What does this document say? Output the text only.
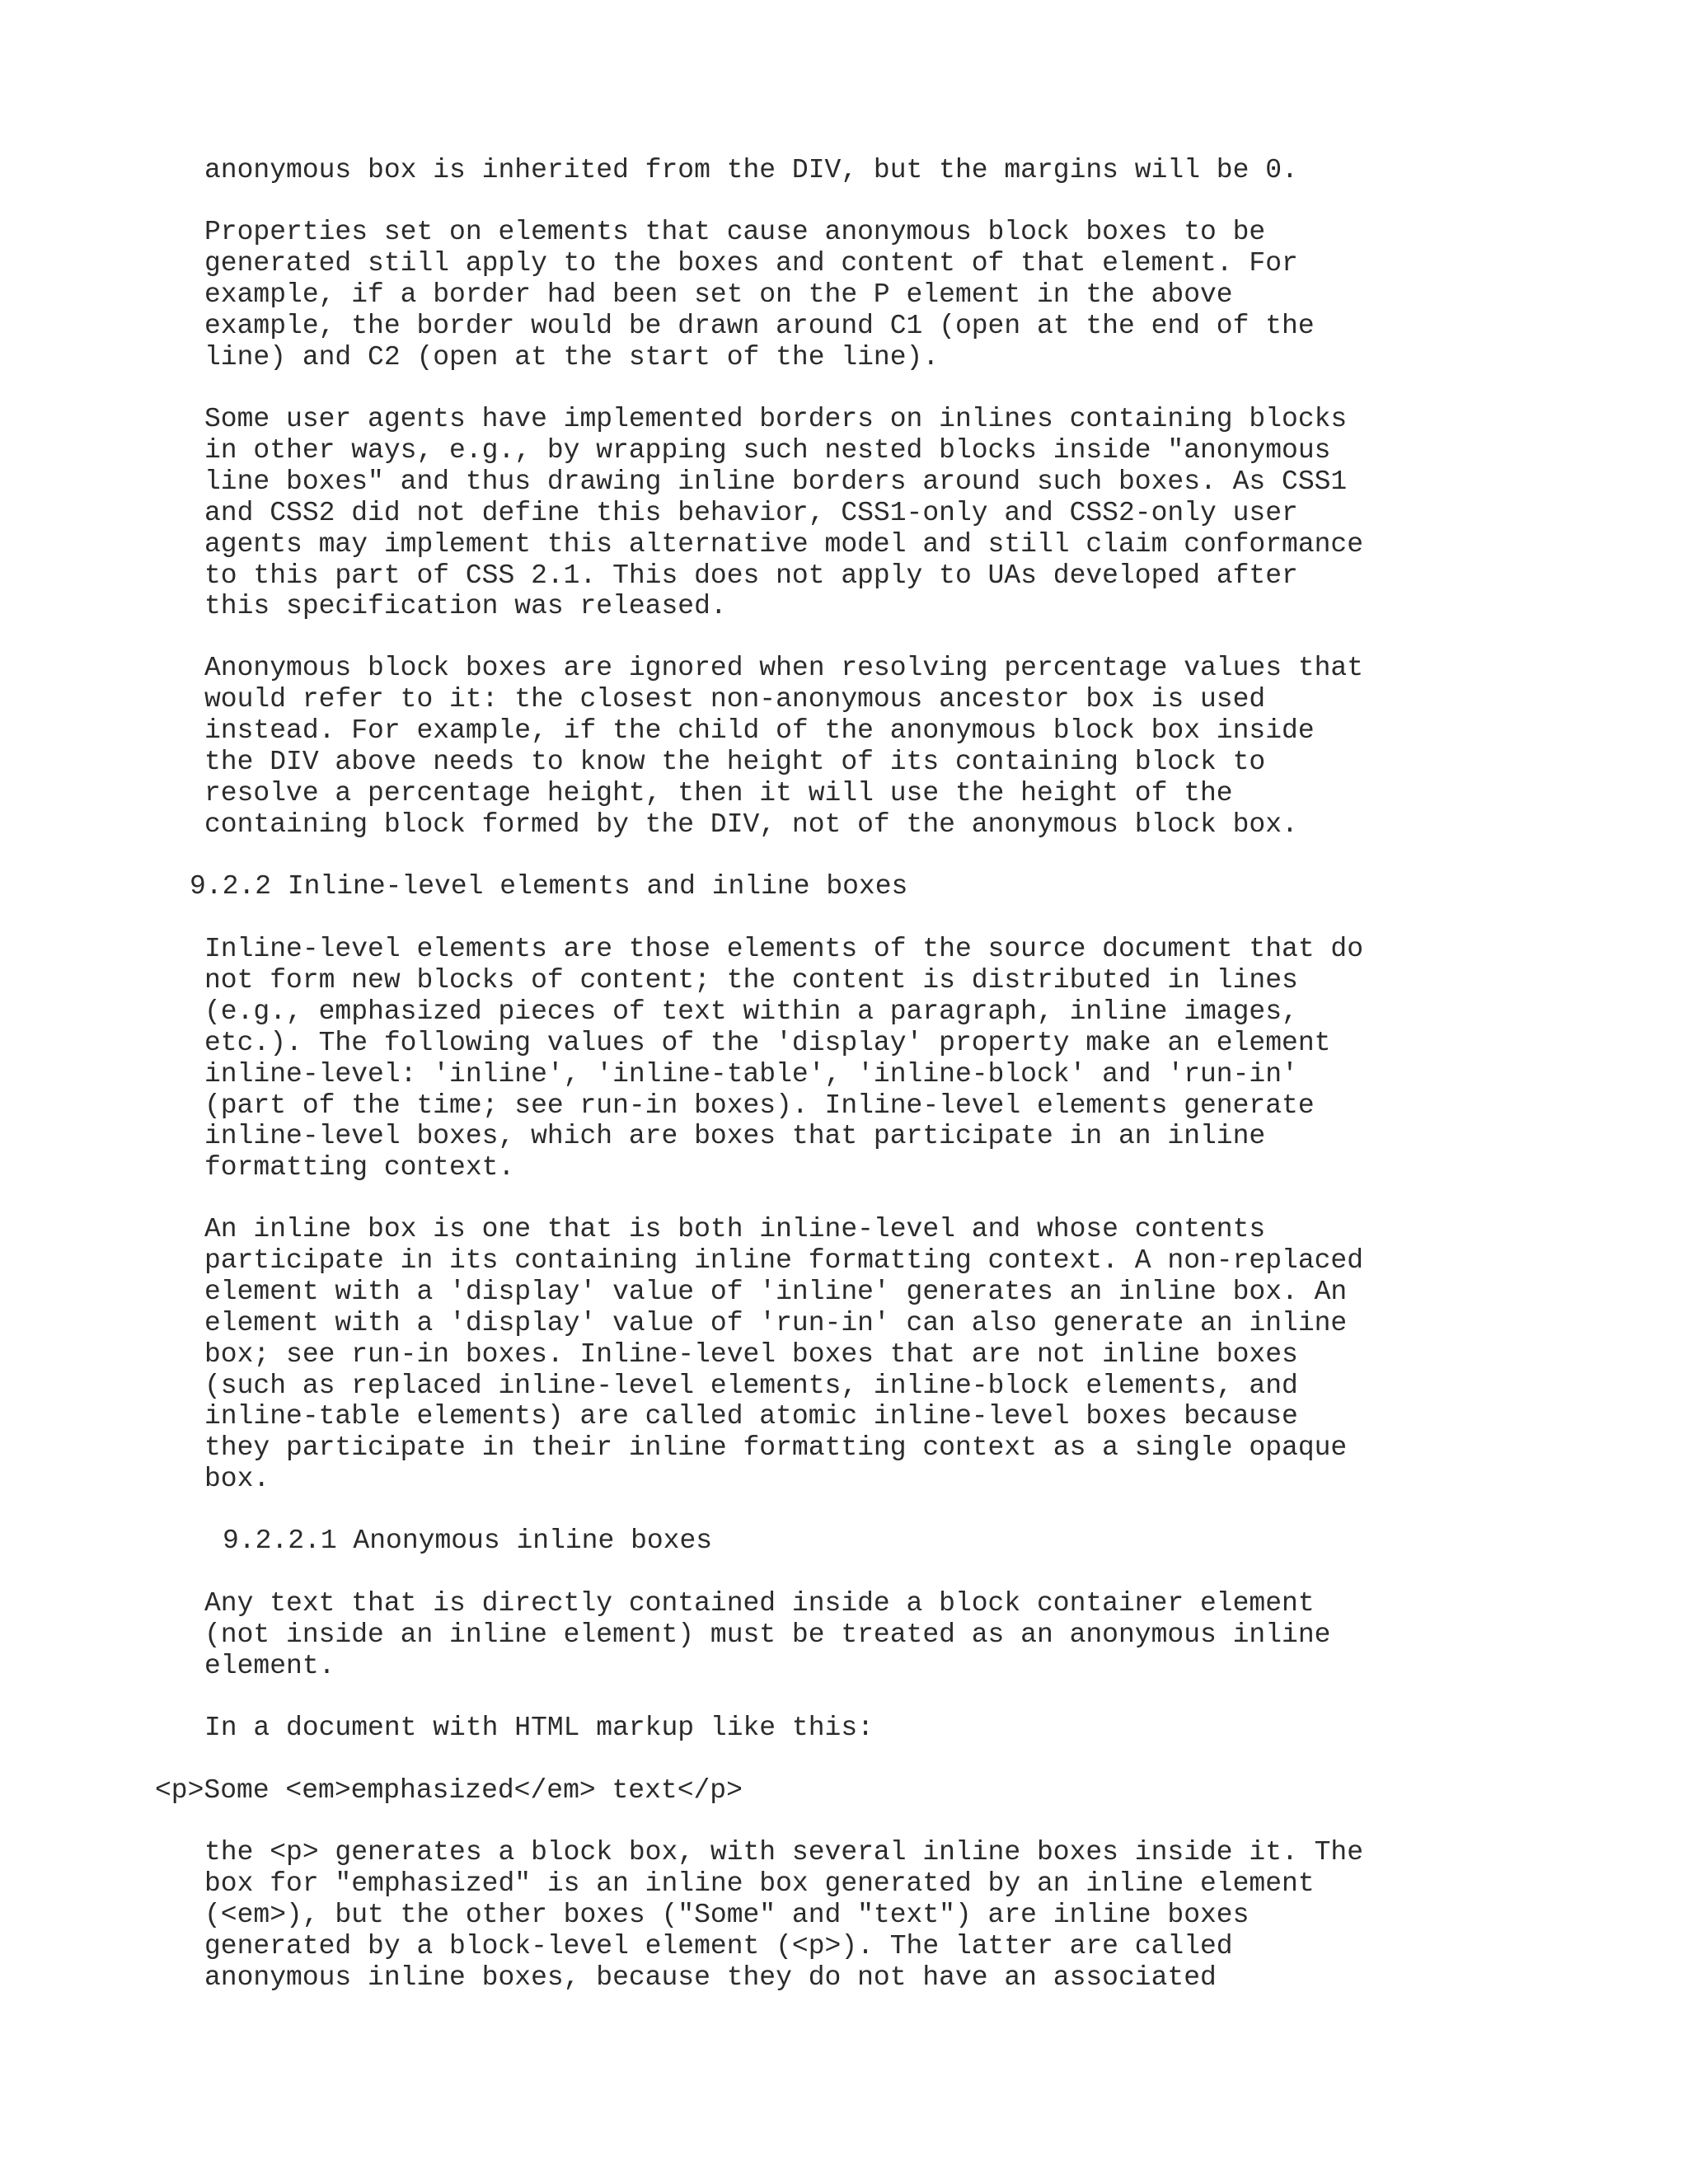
anonymous box is inherited from the DIV, but the margins will be 0.

Properties set on elements that cause anonymous block boxes to be
generated still apply to the boxes and content of that element. For
example, if a border had been set on the P element in the above
example, the border would be drawn around C1 (open at the end of the
line) and C2 (open at the start of the line).

Some user agents have implemented borders on inlines containing blocks
in other ways, e.g., by wrapping such nested blocks inside "anonymous
line boxes" and thus drawing inline borders around such boxes. As CSS1
and CSS2 did not define this behavior, CSS1-only and CSS2-only user
agents may implement this alternative model and still claim conformance
to this part of CSS 2.1. This does not apply to UAs developed after
this specification was released.

Anonymous block boxes are ignored when resolving percentage values that
would refer to it: the closest non-anonymous ancestor box is used
instead. For example, if the child of the anonymous block box inside
the DIV above needs to know the height of its containing block to
resolve a percentage height, then it will use the height of the
containing block formed by the DIV, not of the anonymous block box.

9.2.2 Inline-level elements and inline boxes

Inline-level elements are those elements of the source document that do
not form new blocks of content; the content is distributed in lines
(e.g., emphasized pieces of text within a paragraph, inline images,
etc.). The following values of the 'display' property make an element
inline-level: 'inline', 'inline-table', 'inline-block' and 'run-in'
(part of the time; see run-in boxes). Inline-level elements generate
inline-level boxes, which are boxes that participate in an inline
formatting context.

An inline box is one that is both inline-level and whose contents
participate in its containing inline formatting context. A non-replaced
element with a 'display' value of 'inline' generates an inline box. An
element with a 'display' value of 'run-in' can also generate an inline
box; see run-in boxes. Inline-level boxes that are not inline boxes
(such as replaced inline-level elements, inline-block elements, and
inline-table elements) are called atomic inline-level boxes because
they participate in their inline formatting context as a single opaque
box.

9.2.2.1 Anonymous inline boxes

Any text that is directly contained inside a block container element
(not inside an inline element) must be treated as an anonymous inline
element.

In a document with HTML markup like this:

<p>Some <em>emphasized</em> text</p>

the <p> generates a block box, with several inline boxes inside it. The
box for "emphasized" is an inline box generated by an inline element
(<em>), but the other boxes ("Some" and "text") are inline boxes
generated by a block-level element (<p>). The latter are called
anonymous inline boxes, because they do not have an associated
